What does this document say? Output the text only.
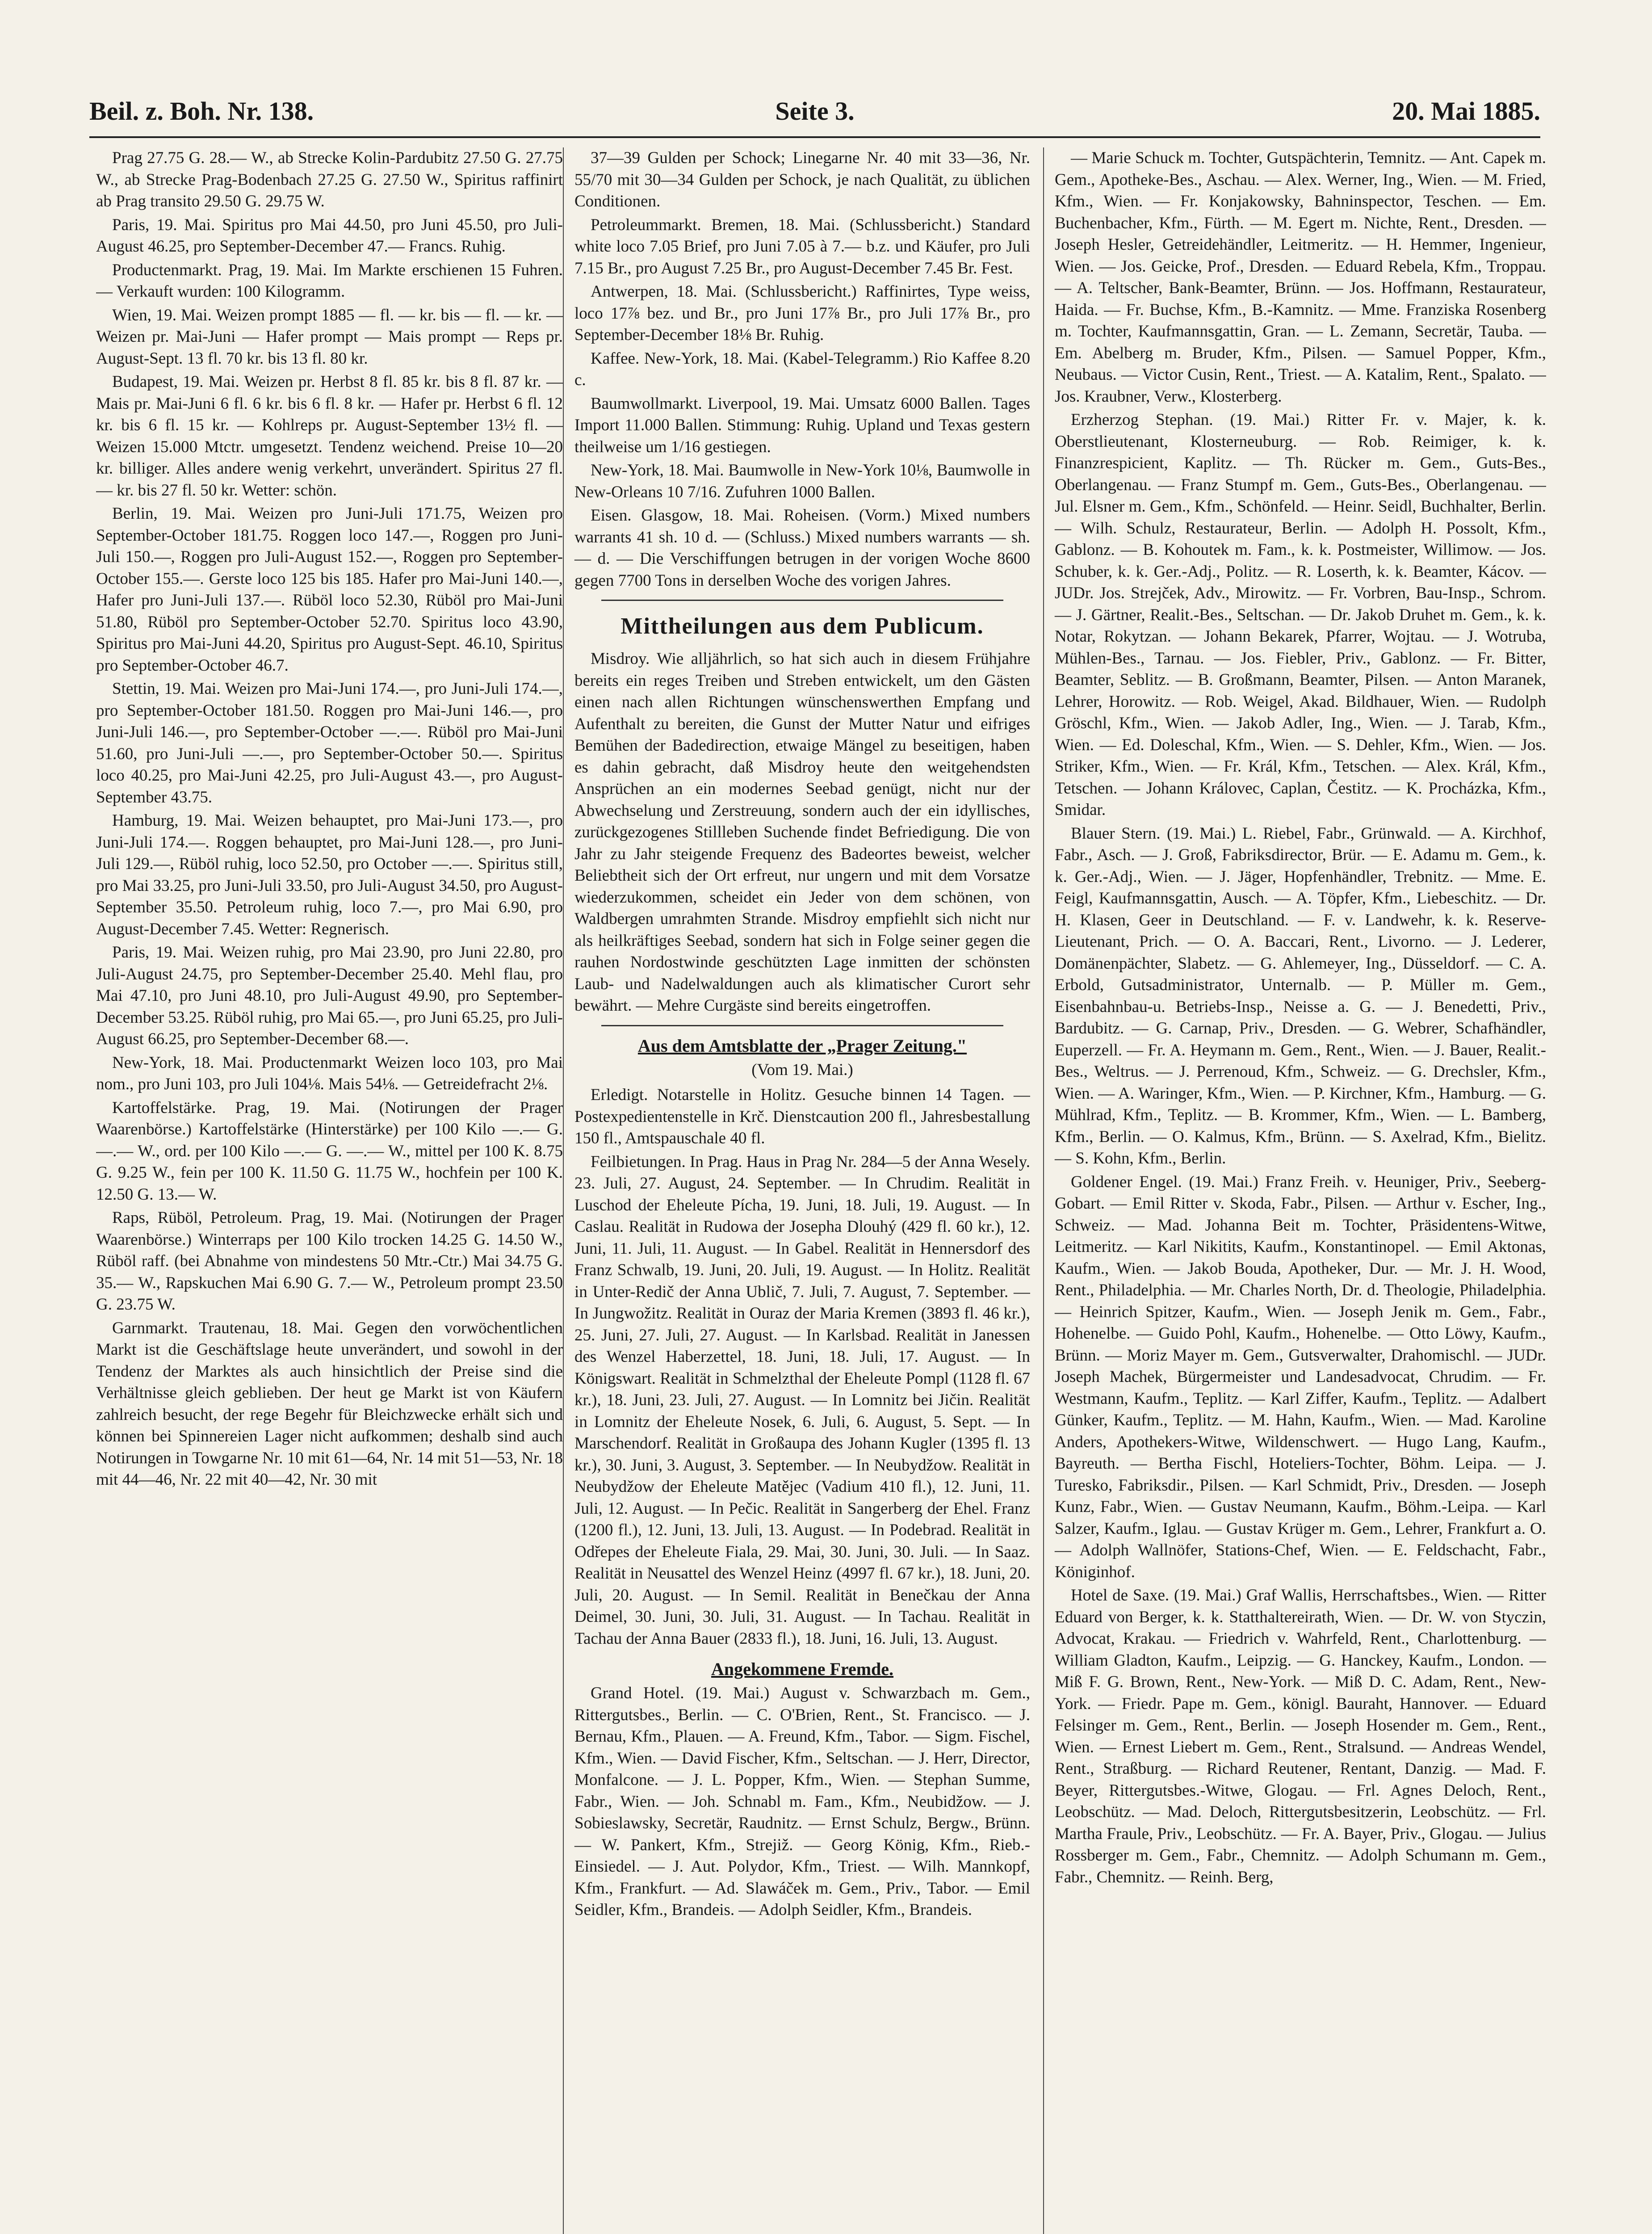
Beil. z. Boh. Nr. 138.	Seite 3.	20. Mai 1885.

Prag 27.75 G. 28.— W., ab Strecke Kolin-Pardubitz 27.50 G. 27.75 W., ab Strecke Prag-Bodenbach 27.25 G. 27.50 W., Spiritus raffinirt ab Prag transito 29.50 G. 29.75 W.

Paris, 19. Mai. Spiritus pro Mai 44.50, pro Juni 45.50, pro Juli-August 46.25, pro September-December 47.— Francs. Ruhig.

Productenmarkt. Prag, 19. Mai. Im Markte erschienen 15 Fuhren. — Verkauft wurden: 100 Kilogramm.

Wien, 19. Mai. Weizen prompt 1885 — fl. — kr. bis — fl. — kr. — Weizen pr. Mai-Juni — Hafer prompt — Mais prompt — Reps pr. August-Sept. 13 fl. 70 kr. bis 13 fl. 80 kr.

Budapest, 19. Mai. Weizen pr. Herbst 8 fl. 85 kr. bis 8 fl. 87 kr. — Mais pr. Mai-Juni 6 fl. 6 kr. bis 6 fl. 8 kr. — Hafer pr. Herbst 6 fl. 12 kr. bis 6 fl. 15 kr. — Kohlreps pr. August-September 13½ fl. — Weizen 15.000 Mtctr. umgesetzt. Tendenz weichend. Preise 10—20 kr. billiger. Alles andere wenig verkehrt, unverändert. Spiritus 27 fl. — kr. bis 27 fl. 50 kr. Wetter: schön.

Berlin, 19. Mai. Weizen pro Juni-Juli 171.75, Weizen pro September-October 181.75. Roggen loco 147.—, Roggen pro Juni-Juli 150.—, Roggen pro Juli-August 152.—, Roggen pro September-October 155.—. Gerste loco 125 bis 185. Hafer pro Mai-Juni 140.—, Hafer pro Juni-Juli 137.—. Rüböl loco 52.30, Rüböl pro Mai-Juni 51.80, Rüböl pro September-October 52.70. Spiritus loco 43.90, Spiritus pro Mai-Juni 44.20, Spiritus pro August-Sept. 46.10, Spiritus pro September-October 46.7.

Stettin, 19. Mai. Weizen pro Mai-Juni 174.—, pro Juni-Juli 174.—, pro September-October 181.50. Roggen pro Mai-Juni 146.—, pro Juni-Juli 146.—, pro September-October —.—. Rüböl pro Mai-Juni 51.60, pro Juni-Juli —.—, pro September-October 50.—. Spiritus loco 40.25, pro Mai-Juni 42.25, pro Juli-August 43.—, pro August-September 43.75.

Hamburg, 19. Mai. Weizen behauptet, pro Mai-Juni 173.—, pro Juni-Juli 174.—. Roggen behauptet, pro Mai-Juni 128.—, pro Juni-Juli 129.—, Rüböl ruhig, loco 52.50, pro October —.—. Spiritus still, pro Mai 33.25, pro Juni-Juli 33.50, pro Juli-August 34.50, pro August-September 35.50. Petroleum ruhig, loco 7.—, pro Mai 6.90, pro August-December 7.45. Wetter: Regnerisch.

Paris, 19. Mai. Weizen ruhig, pro Mai 23.90, pro Juni 22.80, pro Juli-August 24.75, pro September-December 25.40. Mehl flau, pro Mai 47.10, pro Juni 48.10, pro Juli-August 49.90, pro September-December 53.25. Rüböl ruhig, pro Mai 65.—, pro Juni 65.25, pro Juli-August 66.25, pro September-December 68.—.

New-York, 18. Mai. Productenmarkt Weizen loco 103, pro Mai nom., pro Juni 103, pro Juli 104⅛. Mais 54⅛. — Getreidefracht 2⅛.

Kartoffelstärke. Prag, 19. Mai. (Notirungen der Prager Waarenbörse.) Kartoffelstärke (Hinterstärke) per 100 Kilo —.— G. —.— W., ord. per 100 Kilo —.— G. —.— W., mittel per 100 K. 8.75 G. 9.25 W., fein per 100 K. 11.50 G. 11.75 W., hochfein per 100 K. 12.50 G. 13.— W.

Raps, Rüböl, Petroleum. Prag, 19. Mai. (Notirungen der Prager Waarenbörse.) Winterraps per 100 Kilo trocken 14.25 G. 14.50 W., Rüböl raff. (bei Abnahme von mindestens 50 Mtr.-Ctr.) Mai 34.75 G. 35.— W., Rapskuchen Mai 6.90 G. 7.— W., Petroleum prompt 23.50 G. 23.75 W.

Garnmarkt. Trautenau, 18. Mai. Gegen den vorwöchentlichen Markt ist die Geschäftslage heute unverändert, und sowohl in der Tendenz der Marktes als auch hinsichtlich der Preise sind die Verhältnisse gleich geblieben. Der heut ge Markt ist von Käufern zahlreich besucht, der rege Begehr für Bleichzwecke erhält sich und können bei Spinnereien Lager nicht aufkommen; deshalb sind auch Notirungen in Towgarne Nr. 10 mit 61—64, Nr. 14 mit 51—53, Nr. 18 mit 44—46, Nr. 22 mit 40—42, Nr. 30 mit

37—39 Gulden per Schock; Linegarne Nr. 40 mit 33—36, Nr. 55/70 mit 30—34 Gulden per Schock, je nach Qualität, zu üblichen Conditionen.

Petroleummarkt. Bremen, 18. Mai. (Schlussbericht.) Standard white loco 7.05 Brief, pro Juni 7.05 à 7.— b.z. und Käufer, pro Juli 7.15 Br., pro August 7.25 Br., pro August-December 7.45 Br. Fest.

Antwerpen, 18. Mai. (Schlussbericht.) Raffinirtes, Type weiss, loco 17⅞ bez. und Br., pro Juni 17⅞ Br., pro Juli 17⅞ Br., pro September-December 18⅛ Br. Ruhig.

Kaffee. New-York, 18. Mai. (Kabel-Telegramm.) Rio Kaffee 8.20 c.

Baumwollmarkt. Liverpool, 19. Mai. Umsatz 6000 Ballen. Tages Import 11.000 Ballen. Stimmung: Ruhig. Upland und Texas gestern theilweise um 1/16 gestiegen.

New-York, 18. Mai. Baumwolle in New-York 10⅛, Baumwolle in New-Orleans 10 7/16. Zufuhren 1000 Ballen.

Eisen. Glasgow, 18. Mai. Roheisen. (Vorm.) Mixed numbers warrants 41 sh. 10 d. — (Schluss.) Mixed numbers warrants — sh. — d. — Die Verschiffungen betrugen in der vorigen Woche 8600 gegen 7700 Tons in derselben Woche des vorigen Jahres.

Mittheilungen aus dem Publicum.

Misdroy. Wie alljährlich, so hat sich auch in diesem Frühjahre bereits ein reges Treiben und Streben entwickelt, um den Gästen einen nach allen Richtungen wünschenswerthen Empfang und Aufenthalt zu bereiten, die Gunst der Mutter Natur und eifriges Bemühen der Badedirection, etwaige Mängel zu beseitigen, haben es dahin gebracht, daß Misdroy heute den weitgehendsten Ansprüchen an ein modernes Seebad genügt, nicht nur der Abwechselung und Zerstreuung, sondern auch der ein idyllisches, zurückgezogenes Stillleben Suchende findet Befriedigung. Die von Jahr zu Jahr steigende Frequenz des Badeortes beweist, welcher Beliebtheit sich der Ort erfreut, nur ungern und mit dem Vorsatze wiederzukommen, scheidet ein Jeder von dem schönen, von Waldbergen umrahmten Strande. Misdroy empfiehlt sich nicht nur als heilkräftiges Seebad, sondern hat sich in Folge seiner gegen die rauhen Nordostwinde geschützten Lage inmitten der schönsten Laub- und Nadelwaldungen auch als klimatischer Curort sehr bewährt. — Mehre Curgäste sind bereits eingetroffen.

Aus dem Amtsblatte der „Prager Zeitung."
(Vom 19. Mai.)

Erledigt. Notarstelle in Holitz. Gesuche binnen 14 Tagen. — Postexpedientenstelle in Krč. Dienstcaution 200 fl., Jahresbestallung 150 fl., Amtspauschale 40 fl.

Feilbietungen. In Prag. Haus in Prag Nr. 284—5 der Anna Wesely. 23. Juli, 27. August, 24. September. — In Chrudim. Realität in Luschod der Eheleute Pícha, 19. Juni, 18. Juli, 19. August. — In Caslau. Realität in Rudowa der Josepha Dlouhý (429 fl. 60 kr.), 12. Juni, 11. Juli, 11. August. — In Gabel. Realität in Hennersdorf des Franz Schwalb, 19. Juni, 20. Juli, 19. August. — In Holitz. Realität in Unter-Redič der Anna Ublič, 7. Juli, 7. August, 7. September. — In Jungwožitz. Realität in Ouraz der Maria Kremen (3893 fl. 46 kr.), 25. Juni, 27. Juli, 27. August. — In Karlsbad. Realität in Janessen des Wenzel Haberzettel, 18. Juni, 18. Juli, 17. August. — In Königswart. Realität in Schmelzthal der Eheleute Pompl (1128 fl. 67 kr.), 18. Juni, 23. Juli, 27. August. — In Lomnitz bei Jičin. Realität in Lomnitz der Eheleute Nosek, 6. Juli, 6. August, 5. Sept. — In Marschendorf. Realität in Großaupa des Johann Kugler (1395 fl. 13 kr.), 30. Juni, 3. August, 3. September. — In Neubydžow. Realität in Neubydžow der Eheleute Matějec (Vadium 410 fl.), 12. Juni, 11. Juli, 12. August. — In Pečic. Realität in Sangerberg der Ehel. Franz (1200 fl.), 12. Juni, 13. Juli, 13. August. — In Podebrad. Realität in Odřepes der Eheleute Fiala, 29. Mai, 30. Juni, 30. Juli. — In Saaz. Realität in Neusattel des Wenzel Heinz (4997 fl. 67 kr.), 18. Juni, 20. Juli, 20. August. — In Semil. Realität in Benečkau der Anna Deimel, 30. Juni, 30. Juli, 31. August. — In Tachau. Realität in Tachau der Anna Bauer (2833 fl.), 18. Juni, 16. Juli, 13. August.

Angekommene Fremde.

Grand Hotel. (19. Mai.) August v. Schwarzbach m. Gem., Rittergutsbes., Berlin. — C. O'Brien, Rent., St. Francisco. — J. Bernau, Kfm., Plauen. — A. Freund, Kfm., Tabor. — Sigm. Fischel, Kfm., Wien. — David Fischer, Kfm., Seltschan. — J. Herr, Director, Monfalcone. — J. L. Popper, Kfm., Wien. — Stephan Summe, Fabr., Wien. — Joh. Schnabl m. Fam., Kfm., Neubidžow. — J. Sobieslawsky, Secretär, Raudnitz. — Ernst Schulz, Bergw., Brünn. — W. Pankert, Kfm., Strejiž. — Georg König, Kfm., Rieb.-Einsiedel. — J. Aut. Polydor, Kfm., Triest. — Wilh. Mannkopf, Kfm., Frankfurt. — Ad. Slawáček m. Gem., Priv., Tabor. — Emil Seidler, Kfm., Brandeis. — Adolph Seidler, Kfm., Brandeis.

— Marie Schuck m. Tochter, Gutspächterin, Temnitz. — Ant. Capek m. Gem., Apotheke-Bes., Aschau. — Alex. Werner, Ing., Wien. — M. Fried, Kfm., Wien. — Fr. Konjakowsky, Bahninspector, Teschen. — Em. Buchenbacher, Kfm., Fürth. — M. Egert m. Nichte, Rent., Dresden. — Joseph Hesler, Getreidehändler, Leitmeritz. — H. Hemmer, Ingenieur, Wien. — Jos. Geicke, Prof., Dresden. — Eduard Rebela, Kfm., Troppau. — A. Teltscher, Bank-Beamter, Brünn. — Jos. Hoffmann, Restaurateur, Haida. — Fr. Buchse, Kfm., B.-Kamnitz. — Mme. Franziska Rosenberg m. Tochter, Kaufmannsgattin, Gran. — L. Zemann, Secretär, Tauba. — Em. Abelberg m. Bruder, Kfm., Pilsen. — Samuel Popper, Kfm., Neubaus. — Victor Cusin, Rent., Triest. — A. Katalim, Rent., Spalato. — Jos. Kraubner, Verw., Klosterberg.

Erzherzog Stephan. (19. Mai.) Ritter Fr. v. Majer, k. k. Oberstlieutenant, Klosterneuburg. — Rob. Reimiger, k. k. Finanzrespicient, Kaplitz. — Th. Rücker m. Gem., Guts-Bes., Oberlangenau. — Franz Stumpf m. Gem., Guts-Bes., Oberlangenau. — Jul. Elsner m. Gem., Kfm., Schönfeld. — Heinr. Seidl, Buchhalter, Berlin. — Wilh. Schulz, Restaurateur, Berlin. — Adolph H. Possolt, Kfm., Gablonz. — B. Kohoutek m. Fam., k. k. Postmeister, Willimow. — Jos. Schuber, k. k. Ger.-Adj., Politz. — R. Loserth, k. k. Beamter, Kácov. — JUDr. Jos. Strejček, Adv., Mirowitz. — Fr. Vorbren, Bau-Insp., Schrom. — J. Gärtner, Realit.-Bes., Seltschan. — Dr. Jakob Druhet m. Gem., k. k. Notar, Rokytzan. — Johann Bekarek, Pfarrer, Wojtau. — J. Wotruba, Mühlen-Bes., Tarnau. — Jos. Fiebler, Priv., Gablonz. — Fr. Bitter, Beamter, Seblitz. — B. Großmann, Beamter, Pilsen. — Anton Maranek, Lehrer, Horowitz. — Rob. Weigel, Akad. Bildhauer, Wien. — Rudolph Gröschl, Kfm., Wien. — Jakob Adler, Ing., Wien. — J. Tarab, Kfm., Wien. — Ed. Doleschal, Kfm., Wien. — S. Dehler, Kfm., Wien. — Jos. Striker, Kfm., Wien. — Fr. Král, Kfm., Tetschen. — Alex. Král, Kfm., Tetschen. — Johann Královec, Caplan, Čestitz. — K. Procházka, Kfm., Smidar.

Blauer Stern. (19. Mai.) L. Riebel, Fabr., Grünwald. — A. Kirchhof, Fabr., Asch. — J. Groß, Fabriksdirector, Brür. — E. Adamu m. Gem., k. k. Ger.-Adj., Wien. — J. Jäger, Hopfenhändler, Trebnitz. — Mme. E. Feigl, Kaufmannsgattin, Ausch. — A. Töpfer, Kfm., Liebeschitz. — Dr. H. Klasen, Geer in Deutschland. — F. v. Landwehr, k. k. Reserve-Lieutenant, Prich. — O. A. Baccari, Rent., Livorno. — J. Lederer, Domänenpächter, Slabetz. — G. Ahlemeyer, Ing., Düsseldorf. — C. A. Erbold, Gutsadministrator, Unternalb. — P. Müller m. Gem., Eisenbahnbau-u. Betriebs-Insp., Neisse a. G. — J. Benedetti, Priv., Bardubitz. — G. Carnap, Priv., Dresden. — G. Webrer, Schafhändler, Euperzell. — Fr. A. Heymann m. Gem., Rent., Wien. — J. Bauer, Realit.-Bes., Weltrus. — J. Perrenoud, Kfm., Schweiz. — G. Drechsler, Kfm., Wien. — A. Waringer, Kfm., Wien. — P. Kirchner, Kfm., Hamburg. — G. Mühlrad, Kfm., Teplitz. — B. Krommer, Kfm., Wien. — L. Bamberg, Kfm., Berlin. — O. Kalmus, Kfm., Brünn. — S. Axelrad, Kfm., Bielitz. — S. Kohn, Kfm., Berlin.

Goldener Engel. (19. Mai.) Franz Freih. v. Heuniger, Priv., Seeberg-Gobart. — Emil Ritter v. Skoda, Fabr., Pilsen. — Arthur v. Escher, Ing., Schweiz. — Mad. Johanna Beit m. Tochter, Präsidentens-Witwe, Leitmeritz. — Karl Nikitits, Kaufm., Konstantinopel. — Emil Aktonas, Kaufm., Wien. — Jakob Bouda, Apotheker, Dur. — Mr. J. H. Wood, Rent., Philadelphia. — Mr. Charles North, Dr. d. Theologie, Philadelphia. — Heinrich Spitzer, Kaufm., Wien. — Joseph Jenik m. Gem., Fabr., Hohenelbe. — Guido Pohl, Kaufm., Hohenelbe. — Otto Löwy, Kaufm., Brünn. — Moriz Mayer m. Gem., Gutsverwalter, Drahomischl. — JUDr. Joseph Machek, Bürgermeister und Landesadvocat, Chrudim. — Fr. Westmann, Kaufm., Teplitz. — Karl Ziffer, Kaufm., Teplitz. — Adalbert Günker, Kaufm., Teplitz. — M. Hahn, Kaufm., Wien. — Mad. Karoline Anders, Apothekers-Witwe, Wildenschwert. — Hugo Lang, Kaufm., Bayreuth. — Bertha Fischl, Hoteliers-Tochter, Böhm. Leipa. — J. Turesko, Fabriksdir., Pilsen. — Karl Schmidt, Priv., Dresden. — Joseph Kunz, Fabr., Wien. — Gustav Neumann, Kaufm., Böhm.-Leipa. — Karl Salzer, Kaufm., Iglau. — Gustav Krüger m. Gem., Lehrer, Frankfurt a. O. — Adolph Wallnöfer, Stations-Chef, Wien. — E. Feldschacht, Fabr., Königinhof.

Hotel de Saxe. (19. Mai.) Graf Wallis, Herrschaftsbes., Wien. — Ritter Eduard von Berger, k. k. Statthaltereirath, Wien. — Dr. W. von Styczin, Advocat, Krakau. — Friedrich v. Wahrfeld, Rent., Charlottenburg. — William Gladton, Kaufm., Leipzig. — G. Hanckey, Kaufm., London. — Miß F. G. Brown, Rent., New-York. — Miß D. C. Adam, Rent., New-York. — Friedr. Pape m. Gem., königl. Bauraht, Hannover. — Eduard Felsinger m. Gem., Rent., Berlin. — Joseph Hosender m. Gem., Rent., Wien. — Ernest Liebert m. Gem., Rent., Stralsund. — Andreas Wendel, Rent., Straßburg. — Richard Reutener, Rentant, Danzig. — Mad. F. Beyer, Rittergutsbes.-Witwe, Glogau. — Frl. Agnes Deloch, Rent., Leobschütz. — Mad. Deloch, Rittergutsbesitzerin, Leobschütz. — Frl. Martha Fraule, Priv., Leobschütz. — Fr. A. Bayer, Priv., Glogau. — Julius Rossberger m. Gem., Fabr., Chemnitz. — Adolph Schumann m. Gem., Fabr., Chemnitz. — Reinh. Berg,
